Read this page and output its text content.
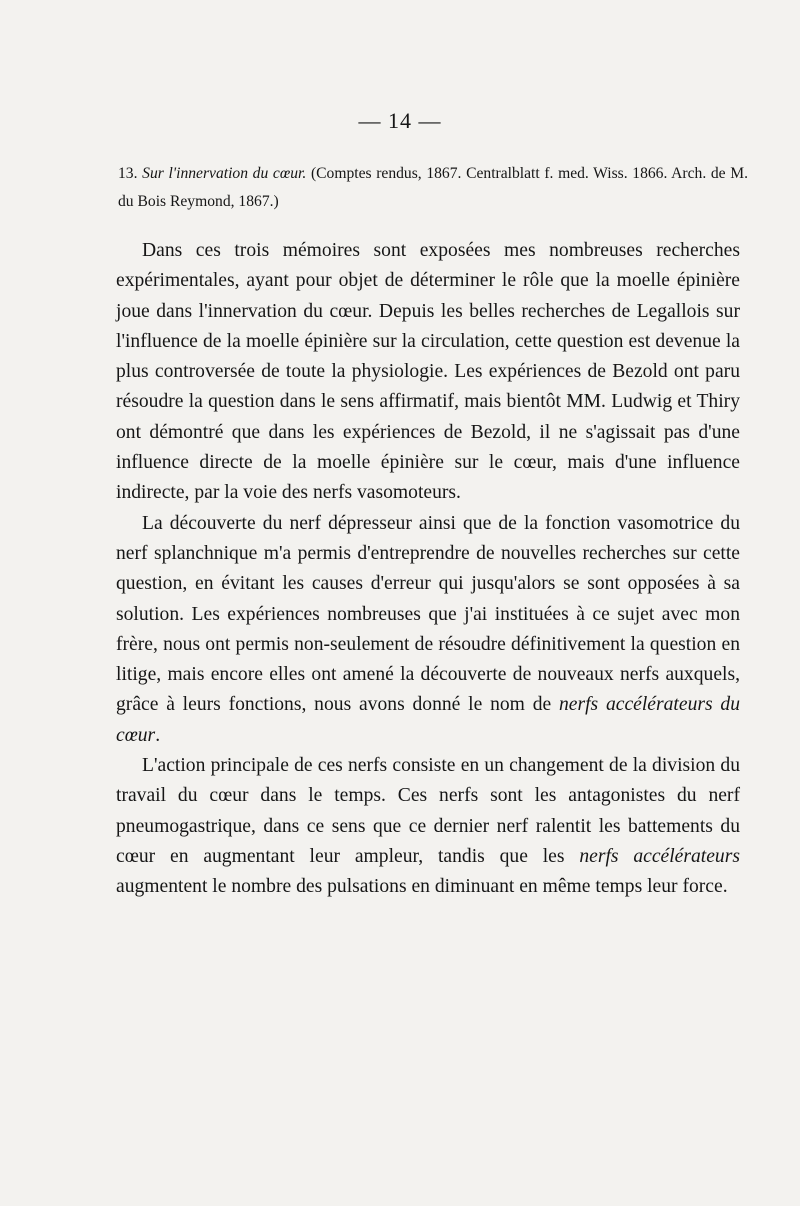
— 14 —
13. Sur l'innervation du cœur. (Comptes rendus, 1867. Centralblatt f. med. Wiss. 1866. Arch. de M. du Bois Reymond, 1867.)

Dans ces trois mémoires sont exposées mes nombreuses recherches expérimentales, ayant pour objet de déterminer le rôle que la moelle épinière joue dans l'innervation du cœur. Depuis les belles recherches de Legallois sur l'influence de la moelle épinière sur la circulation, cette question est devenue la plus controversée de toute la physiologie. Les expériences de Bezold ont paru résoudre la question dans le sens affirmatif, mais bientôt MM. Ludwig et Thiry ont démontré que dans les expériences de Bezold, il ne s'agissait pas d'une influence directe de la moelle épinière sur le cœur, mais d'une influence indirecte, par la voie des nerfs vasomoteurs.

La découverte du nerf dépresseur ainsi que de la fonction vasomotrice du nerf splanchnique m'a permis d'entreprendre de nouvelles recherches sur cette question, en évitant les causes d'erreur qui jusqu'alors se sont opposées à sa solution. Les expériences nombreuses que j'ai instituées à ce sujet avec mon frère, nous ont permis non-seulement de résoudre définitivement la question en litige, mais encore elles ont amené la découverte de nouveaux nerfs auxquels, grâce à leurs fonctions, nous avons donné le nom de nerfs accélérateurs du cœur.

L'action principale de ces nerfs consiste en un changement de la division du travail du cœur dans le temps. Ces nerfs sont les antagonistes du nerf pneumogastrique, dans ce sens que ce dernier nerf ralentit les battements du cœur en augmentant leur ampleur, tandis que les nerfs accélérateurs augmentent le nombre des pulsations en diminuant en même temps leur force.
